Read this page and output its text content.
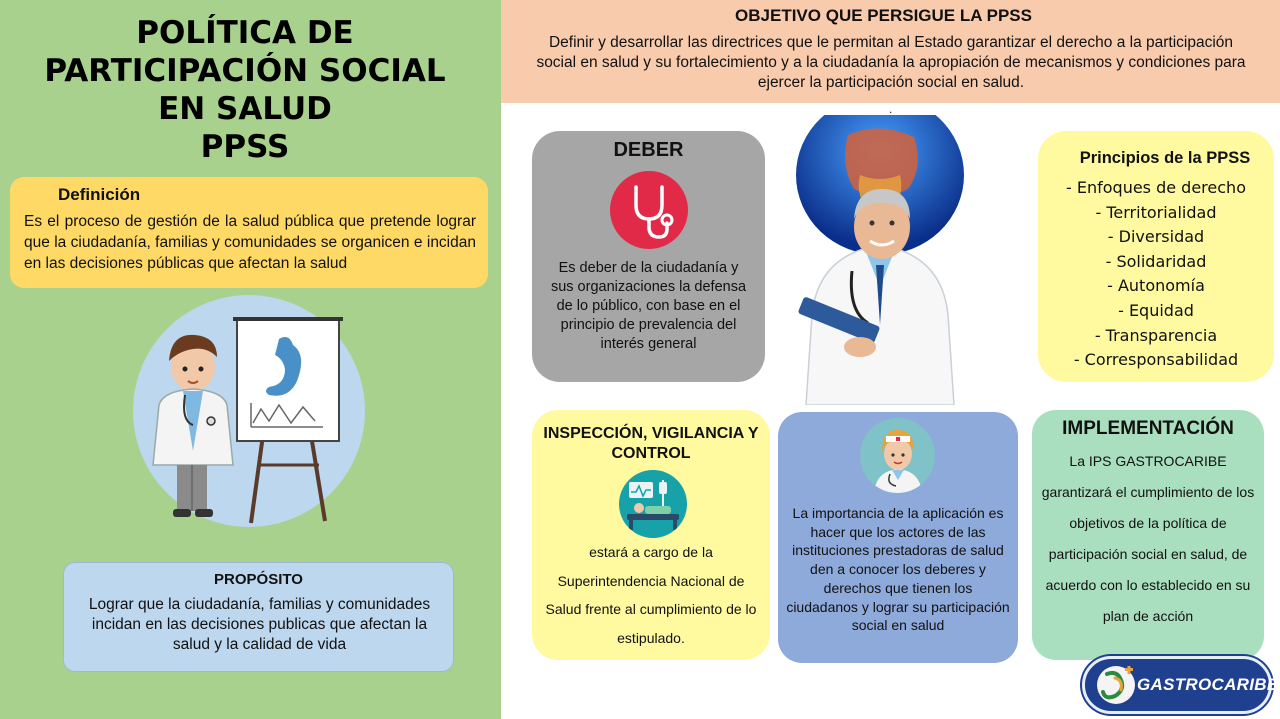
POLÍTICA DE
PARTICIPACIÓN SOCIAL
EN SALUD
PPSS
Definición
Es el proceso de gestión de la salud pública que pretende lograr que la ciudadanía, familias y comunidades se organicen e incidan en las decisiones públicas que afectan la salud
PROPÓSITO
Lograr que la ciudadanía, familias y comunidades incidan en las decisiones publicas que afectan la salud y la calidad de vida
OBJETIVO QUE PERSIGUE LA PPSS
Definir y desarrollar las directrices que le permitan al Estado garantizar el derecho a la participación social en salud y su fortalecimiento y a la ciudadanía la apropiación de mecanismos y condiciones para ejercer la participación social en salud.
.
DEBER
Es deber de la ciudadanía y sus organizaciones la defensa de lo público, con base en el principio de prevalencia del interés general
Principios de la PPSS
- Enfoques de derecho
- Territorialidad
- Diversidad
- Solidaridad
- Autonomía
- Equidad
- Transparencia
- Corresponsabilidad
INSPECCIÓN, VIGILANCIA Y CONTROL
estará a cargo de la Superintendencia Nacional de Salud frente al cumplimiento de lo estipulado.
La importancia de la aplicación es hacer que los actores de las instituciones prestadoras de salud den a conocer los deberes y derechos que tienen los ciudadanos y lograr su participación social en salud
IMPLEMENTACIÓN
La IPS GASTROCARIBE garantizará el cumplimiento de los objetivos de la política de participación social en salud, de acuerdo con lo establecido en su plan de acción
GASTROCARIBE
